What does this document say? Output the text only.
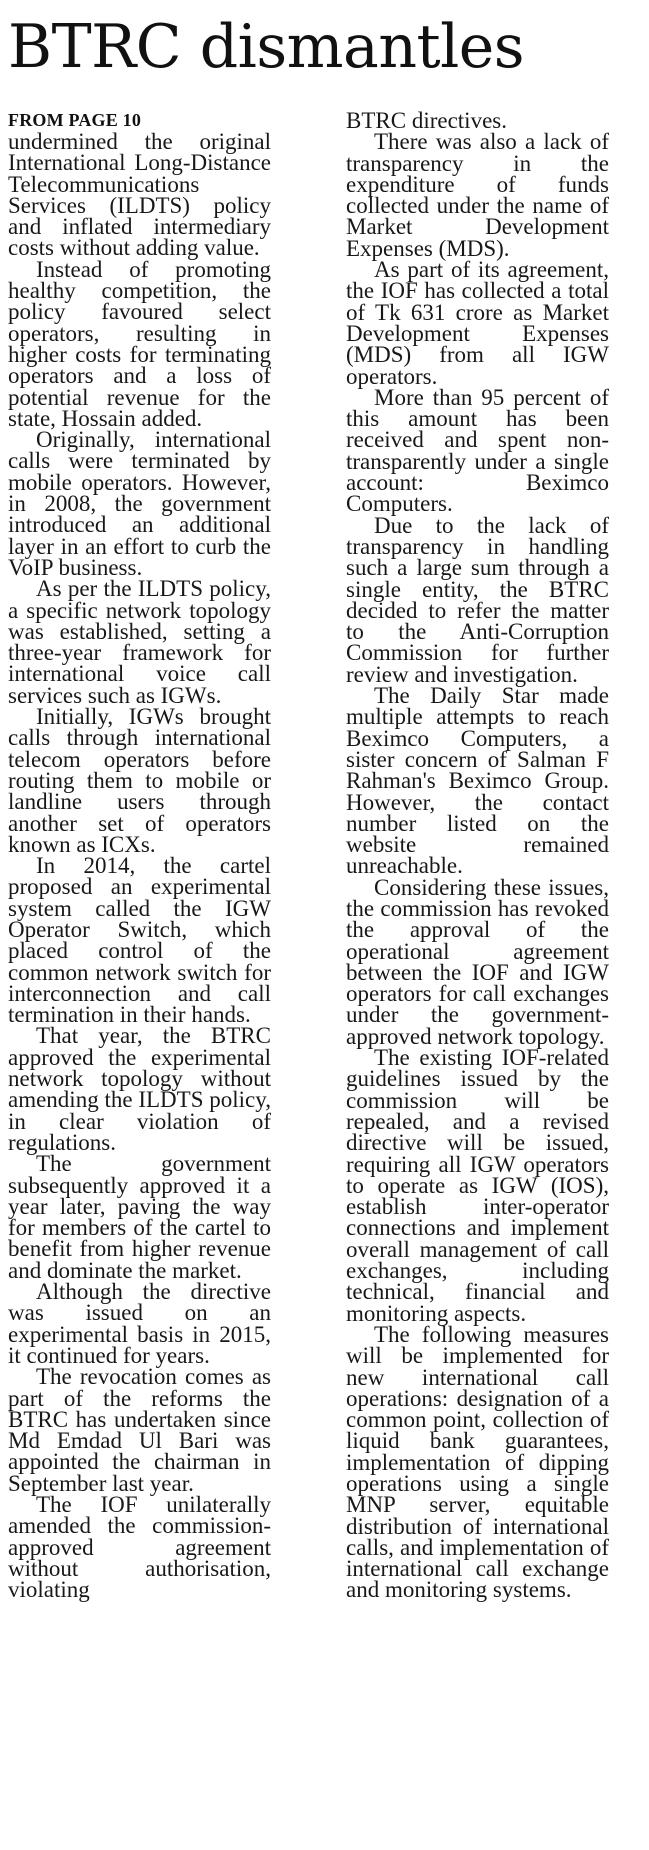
BTRC dismantles
FROM PAGE 10

undermined the original International Long-Distance Telecommunications Services (ILDTS) policy and inflated intermediary costs without adding value.

Instead of promoting healthy competition, the policy favoured select operators, resulting in higher costs for terminating operators and a loss of potential revenue for the state, Hossain added.

Originally, international calls were terminated by mobile operators. However, in 2008, the government introduced an additional layer in an effort to curb the VoIP business.

As per the ILDTS policy, a specific network topology was established, setting a three-year framework for international voice call services such as IGWs.

Initially, IGWs brought calls through international telecom operators before routing them to mobile or landline users through another set of operators known as ICXs.

In 2014, the cartel proposed an experimental system called the IGW Operator Switch, which placed control of the common network switch for interconnection and call termination in their hands.

That year, the BTRC approved the experimental network topology without amending the ILDTS policy, in clear violation of regulations.

The government subsequently approved it a year later, paving the way for members of the cartel to benefit from higher revenue and dominate the market.

Although the directive was issued on an experimental basis in 2015, it continued for years.

The revocation comes as part of the reforms the BTRC has undertaken since Md Emdad Ul Bari was appointed the chairman in September last year.

The IOF unilaterally amended the commission-approved agreement without authorisation, violating

BTRC directives.

There was also a lack of transparency in the expenditure of funds collected under the name of Market Development Expenses (MDS).

As part of its agreement, the IOF has collected a total of Tk 631 crore as Market Development Expenses (MDS) from all IGW operators.

More than 95 percent of this amount has been received and spent non-transparently under a single account: Beximco Computers.

Due to the lack of transparency in handling such a large sum through a single entity, the BTRC decided to refer the matter to the Anti-Corruption Commission for further review and investigation.

The Daily Star made multiple attempts to reach Beximco Computers, a sister concern of Salman F Rahman's Beximco Group. However, the contact number listed on the website remained unreachable.

Considering these issues, the commission has revoked the approval of the operational agreement between the IOF and IGW operators for call exchanges under the government-approved network topology.

The existing IOF-related guidelines issued by the commission will be repealed, and a revised directive will be issued, requiring all IGW operators to operate as IGW (IOS), establish inter-operator connections and implement overall management of call exchanges, including technical, financial and monitoring aspects.

The following measures will be implemented for new international call operations: designation of a common point, collection of liquid bank guarantees, implementation of dipping operations using a single MNP server, equitable distribution of international calls, and implementation of international call exchange and monitoring systems.
